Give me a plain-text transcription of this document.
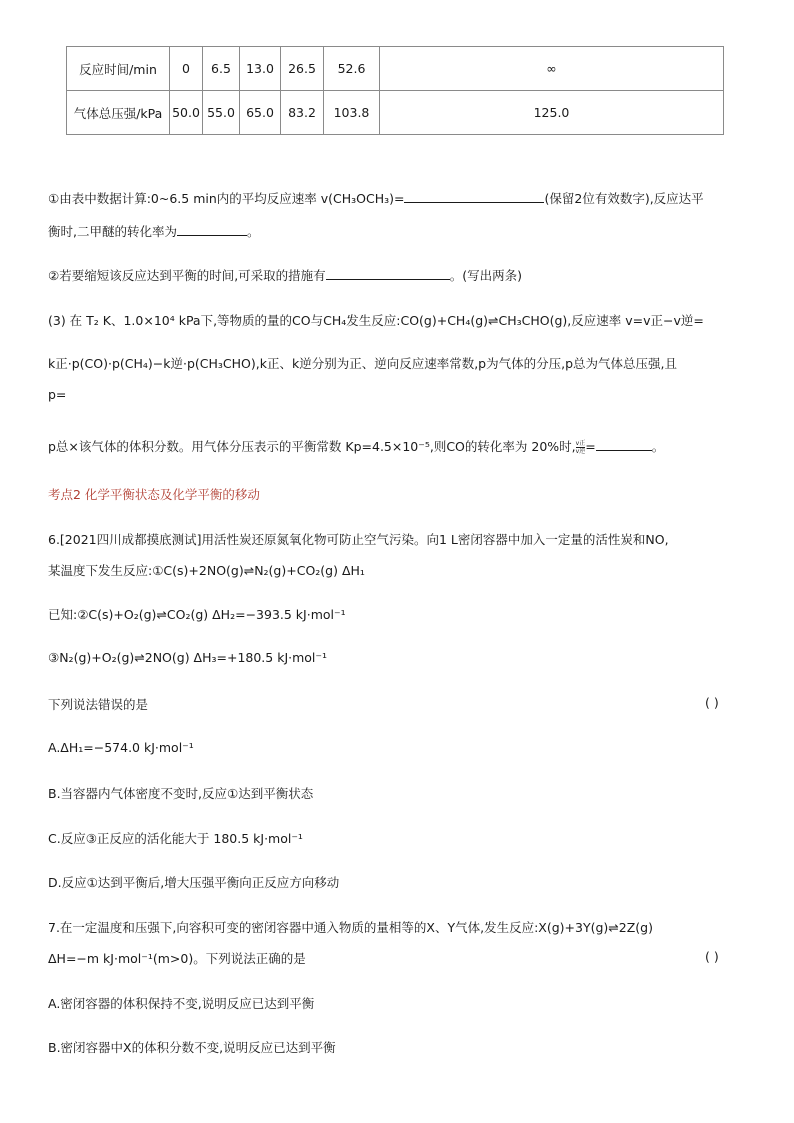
反应时间/min	0	6.5	13.0	26.5	52.6	∞
气体总压强/kPa	50.0	55.0	65.0	83.2	103.8	125.0
①由表中数据计算:0~6.5 min内的平均反应速率 v(CH₃OCH₃)=	(保留2位有效数字),反应达平
衡时,二甲醚的转化率为	。
②若要缩短该反应达到平衡的时间,可采取的措施有	。(写出两条)
(3) 在 T₂ K、1.0×10⁴ kPa下,等物质的量的CO与CH₄发生反应:CO(g)+CH₄(g)⇌CH₃CHO(g),反应速率 v=v正−v逆=
k正·p(CO)·p(CH₄)−k逆·p(CH₃CHO),k正、k逆分别为正、逆向反应速率常数,p为气体的分压,p总为气体总压强,且
p=
p总×该气体的体积分数。用气体分压表示的平衡常数 Kp=4.5×10⁻⁵,则CO的转化率为 20%时, $\frac{\text{v正}}{\text{v逆}}$ =	。
考点2 化学平衡状态及化学平衡的移动
6.[2021四川成都摸底测试]用活性炭还原氮氧化物可防止空气污染。向1 L密闭容器中加入一定量的活性炭和NO,
某温度下发生反应:①C(s)+2NO(g)⇌N₂(g)+CO₂(g) ΔH₁
已知:②C(s)+O₂(g)⇌CO₂(g) ΔH₂=−393.5 kJ·mol⁻¹
③N₂(g)+O₂(g)⇌2NO(g) ΔH₃=+180.5 kJ·mol⁻¹
下列说法错误的是	( )
A.ΔH₁=−574.0 kJ·mol⁻¹
B.当容器内气体密度不变时,反应①达到平衡状态
C.反应③正反应的活化能大于 180.5 kJ·mol⁻¹
D.反应①达到平衡后,增大压强平衡向正反应方向移动
7.在一定温度和压强下,向容积可变的密闭容器中通入物质的量相等的X、Y气体,发生反应:X(g)+3Y(g)⇌2Z(g)
ΔH=−m kJ·mol⁻¹(m>0)。下列说法正确的是	( )
A.密闭容器的体积保持不变,说明反应已达到平衡
B.密闭容器中X的体积分数不变,说明反应已达到平衡
